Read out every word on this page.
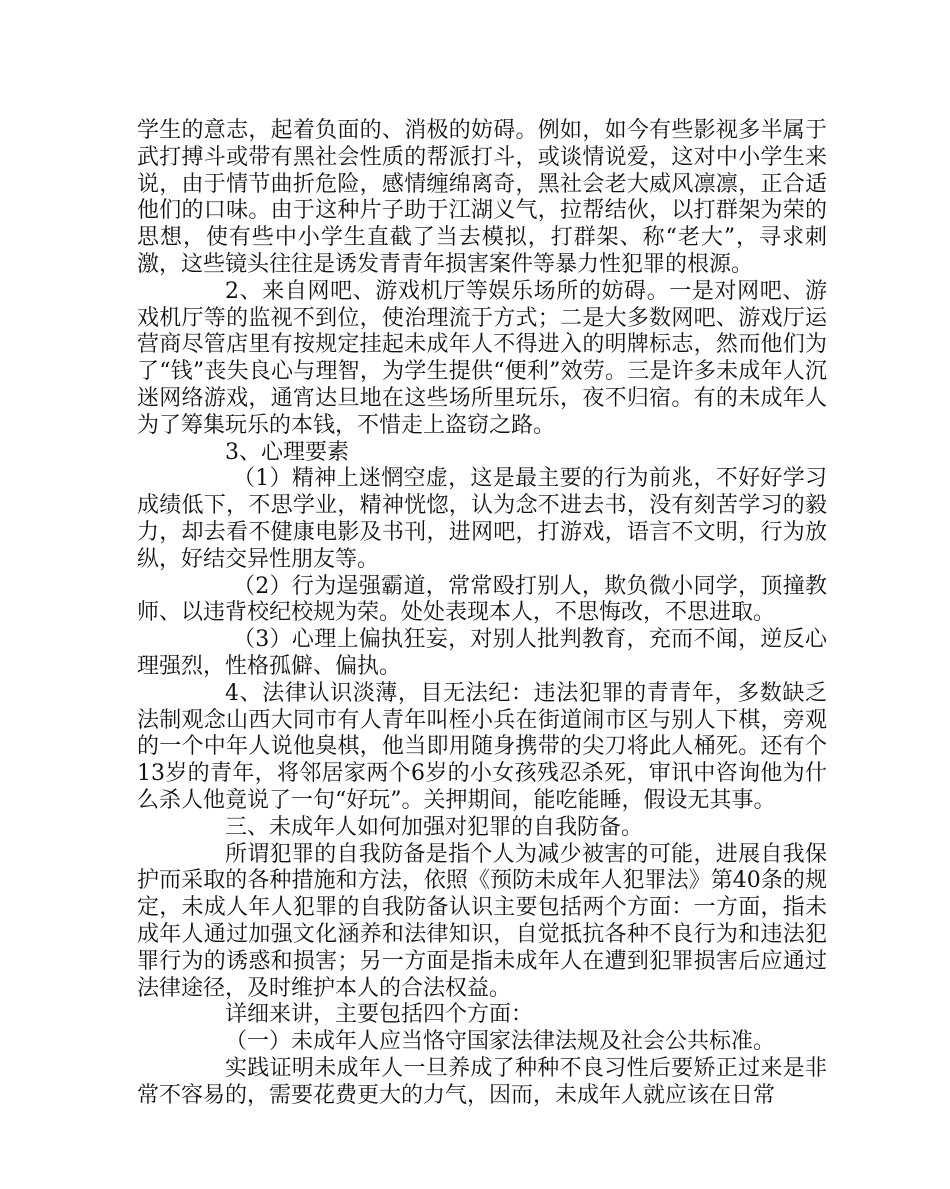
学生的意志，起着负面的、消极的妨碍。例如，如今有些影视多半属于武打搏斗或带有黑社会性质的帮派打斗，或谈情说爱，这对中小学生来说，由于情节曲折危险，感情缠绵离奇，黑社会老大威风凛凛，正合适他们的口味。由于这种片子助于江湖义气，拉帮结伙，以打群架为荣的思想，使有些中小学生直截了当去模拟，打群架、称“老大”，寻求刺激，这些镜头往往是诱发青青年损害案件等暴力性犯罪的根源。

2、来自网吧、游戏机厅等娱乐场所的妨碍。一是对网吧、游戏机厅等的监视不到位，使治理流于方式；二是大多数网吧、游戏厅运营商尽管店里有按规定挂起未成年人不得进入的明牌标志，然而他们为了“钱”丧失良心与理智，为学生提供“便利”效劳。三是许多未成年人沉迷网络游戏，通宵达旦地在这些场所里玩乐，夜不归宿。有的未成年人为了筹集玩乐的本钱，不惜走上盗窃之路。

3、心理要素

（1）精神上迷惘空虚，这是最主要的行为前兆，不好好学习成绩低下，不思学业，精神恍惚，认为念不进去书，没有刻苦学习的毅力，却去看不健康电影及书刊，进网吧，打游戏，语言不文明，行为放纵，好结交异性朋友等。

（2）行为逞强霸道，常常殴打别人，欺负微小同学，顶撞教师、以违背校纪校规为荣。处处表现本人，不思悔改，不思进取。

（3）心理上偏执狂妄，对别人批判教育，充而不闻，逆反心理强烈，性格孤僻、偏执。

4、法律认识淡薄，目无法纪：违法犯罪的青青年，多数缺乏法制观念山西大同市有人青年叫桎小兵在街道闹市区与别人下棋，旁观的一个中年人说他臭棋，他当即用随身携带的尖刀将此人桶死。还有个13岁的青年，将邻居家两个6岁的小女孩残忍杀死，审讯中咨询他为什么杀人他竟说了一句“好玩”。关押期间，能吃能睡，假设无其事。

三、未成年人如何加强对犯罪的自我防备。

所谓犯罪的自我防备是指个人为减少被害的可能，进展自我保护而采取的各种措施和方法，依照《预防未成年人犯罪法》第40条的规定，未成人年人犯罪的自我防备认识主要包括两个方面：一方面，指未成年人通过加强文化涵养和法律知识，自觉抵抗各种不良行为和违法犯罪行为的诱惑和损害；另一方面是指未成年人在遭到犯罪损害后应通过法律途径，及时维护本人的合法权益。

详细来讲，主要包括四个方面：

（一）未成年人应当恪守国家法律法规及社会公共标准。

实践证明未成年人一旦养成了种种不良习性后要矫正过来是非常不容易的，需要花费更大的力气，因而，未成年人就应该在日常
